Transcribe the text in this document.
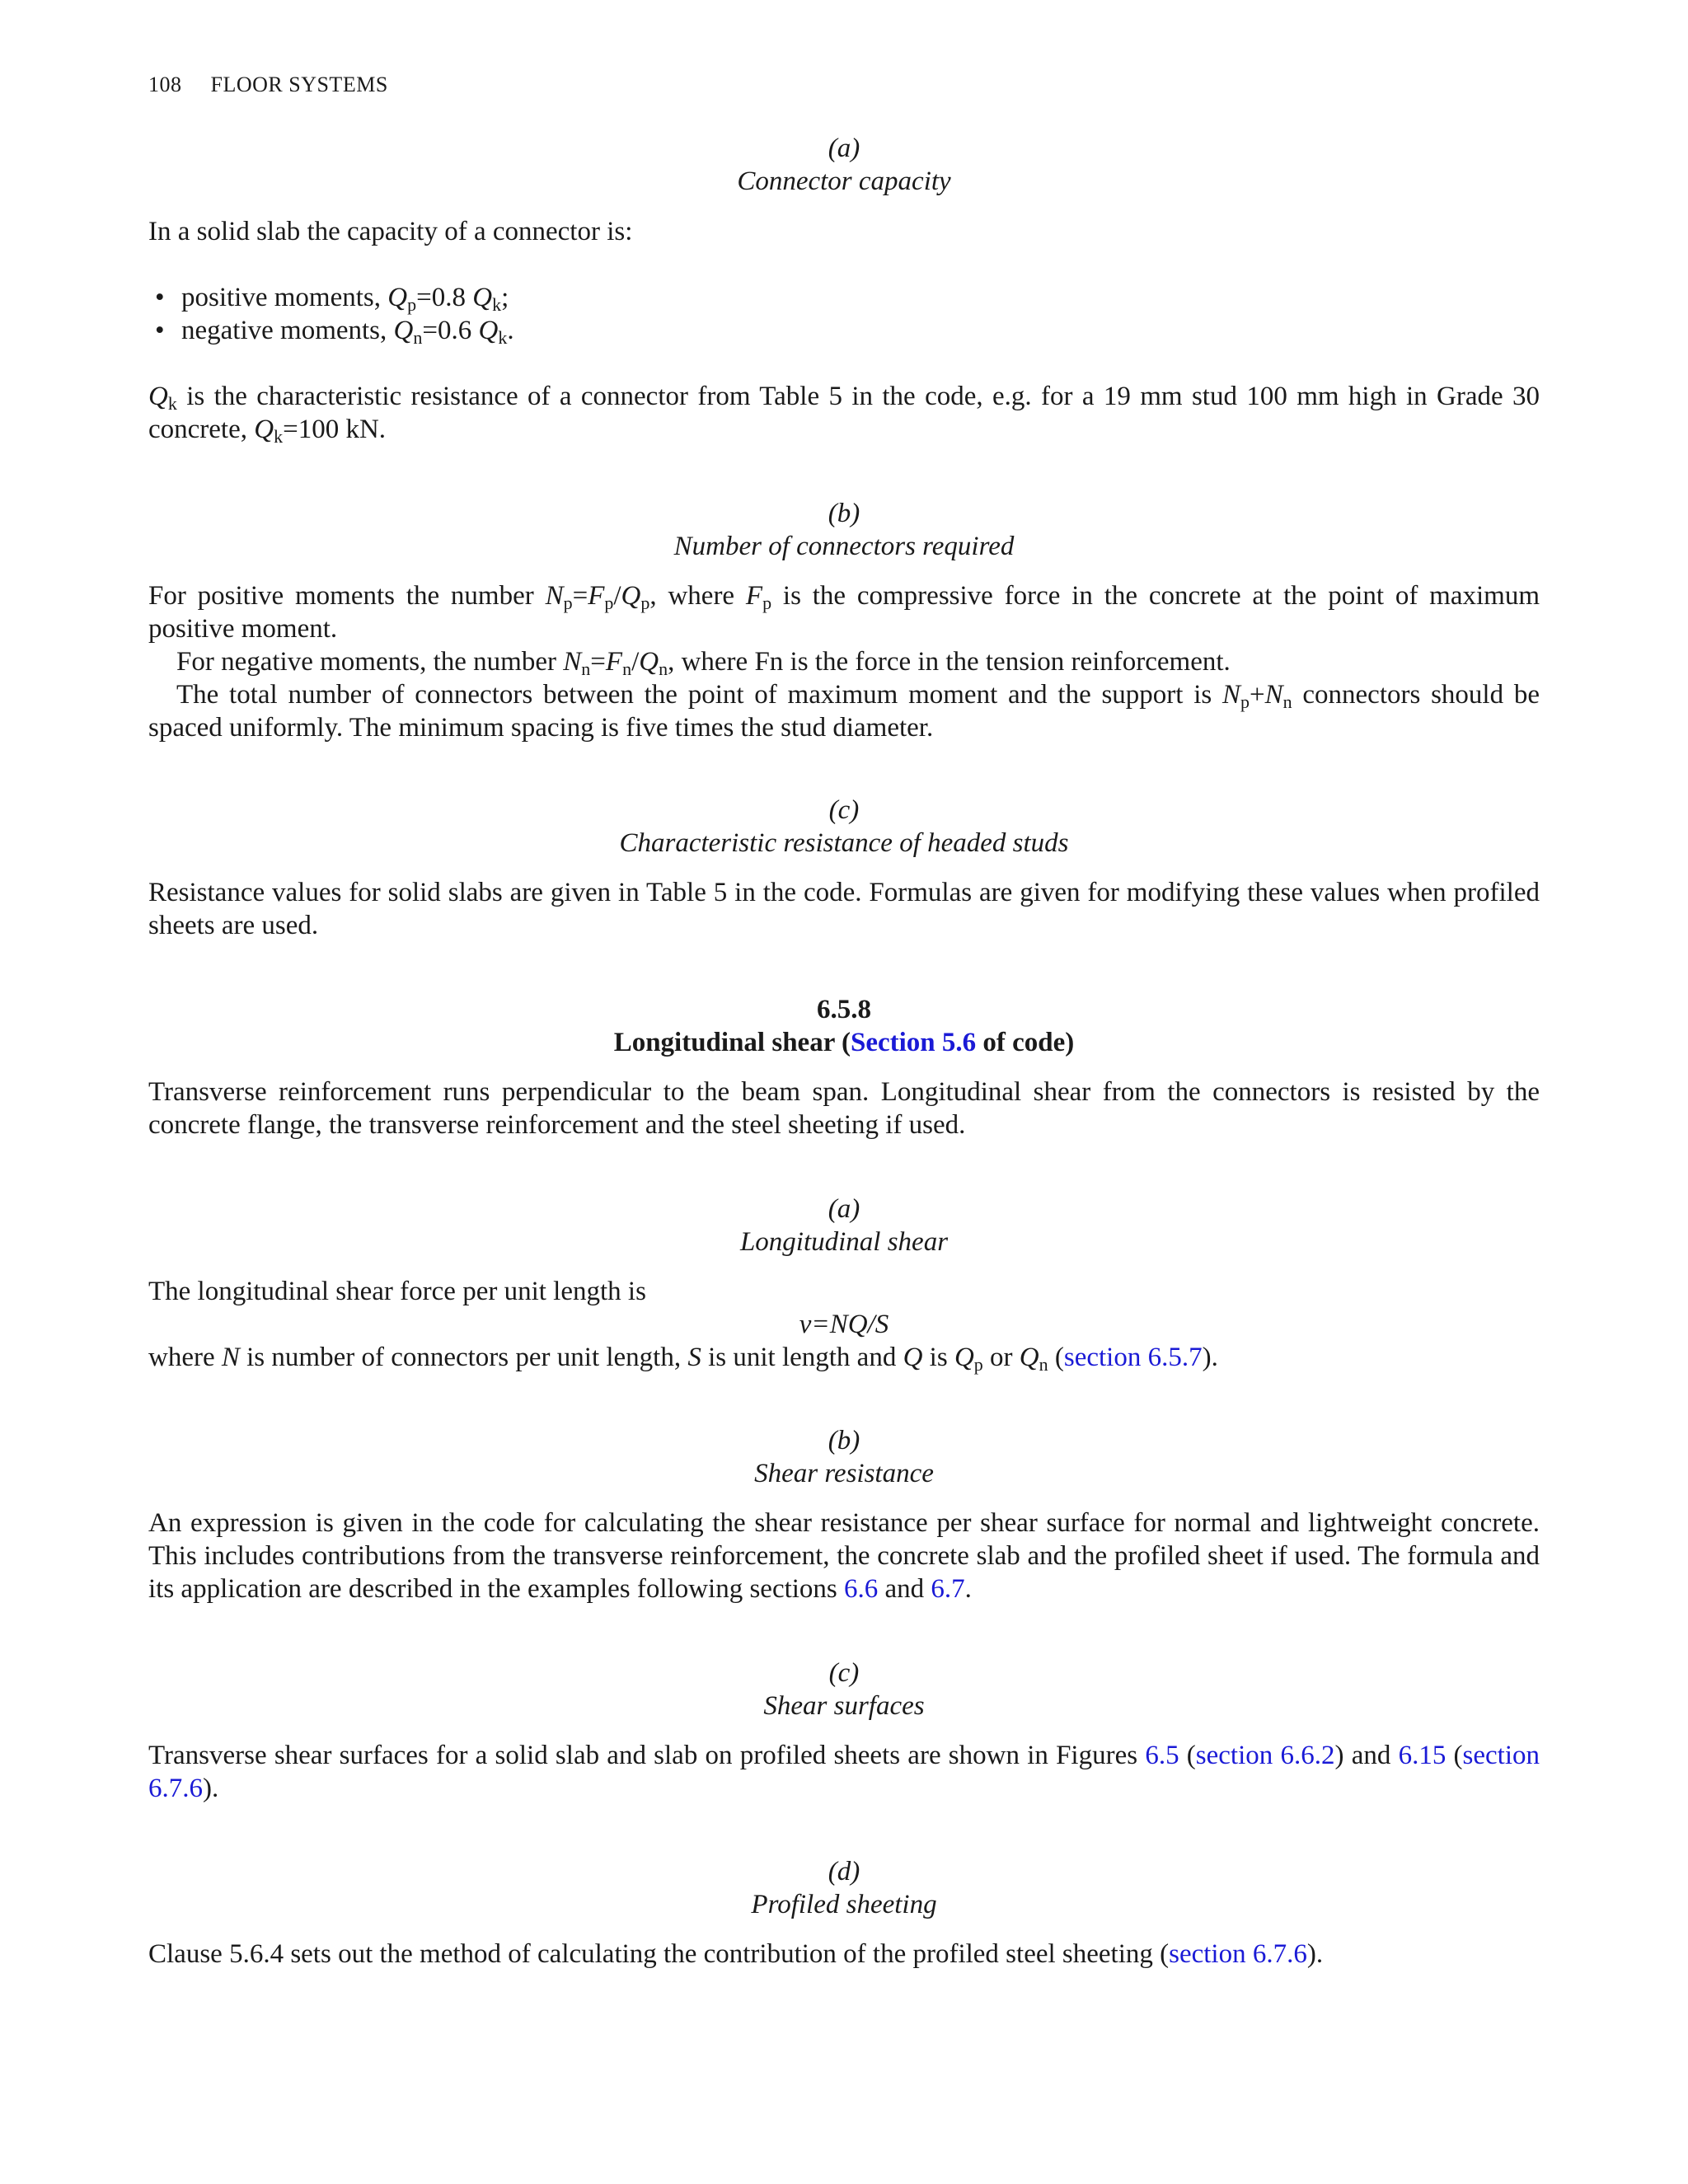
108 FLOOR SYSTEMS
(a)
Connector capacity

In a solid slab the capacity of a connector is:

• positive moments, $Q_p=0.8$ $Q_k$;
• negative moments, $Q_n=0.6$ $Q_k$.

$Q_k$ is the characteristic resistance of a connector from Table 5 in the code, e.g. for a 19 mm stud 100 mm high in Grade 30 concrete, $Q_k=100$ kN.

(b)
Number of connectors required

For positive moments the number $N_p=F_p/Q_p$, where $F_p$ is the compressive force in the concrete at the point of maximum positive moment.

For negative moments, the number $N_n=F_n/Q_n$, where Fn is the force in the tension reinforcement.

The total number of connectors between the point of maximum moment and the support is $N_p+N_n$ connectors should be spaced uniformly. The minimum spacing is five times the stud diameter.

(c)
Characteristic resistance of headed studs

Resistance values for solid slabs are given in Table 5 in the code. Formulas are given for modifying these values when profiled sheets are used.

6.5.8
Longitudinal shear (Section 5.6 of code)

Transverse reinforcement runs perpendicular to the beam span. Longitudinal shear from the connectors is resisted by the concrete flange, the transverse reinforcement and the steel sheeting if used.

(a)
Longitudinal shear

The longitudinal shear force per unit length is

v=NQ/S

where N is number of connectors per unit length, S is unit length and Q is $Q_p$ or $Q_n$ (section 6.5.7).

(b)
Shear resistance

An expression is given in the code for calculating the shear resistance per shear surface for normal and lightweight concrete. This includes contributions from the transverse reinforcement, the concrete slab and the profiled sheet if used. The formula and its application are described in the examples following sections 6.6 and 6.7.

(c)
Shear surfaces

Transverse shear surfaces for a solid slab and slab on profiled sheets are shown in Figures 6.5 (section 6.6.2) and 6.15 (section 6.7.6).

(d)
Profiled sheeting

Clause 5.6.4 sets out the method of calculating the contribution of the profiled steel sheeting (section 6.7.6).
